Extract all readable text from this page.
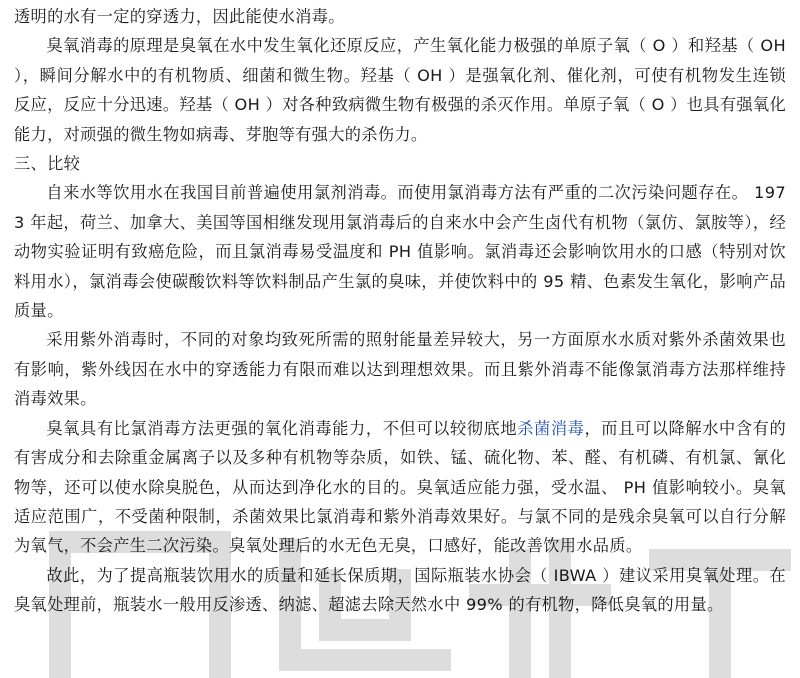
透明的水有一定的穿透力，因此能使水消毒。

臭氧消毒的原理是臭氧在水中发生氧化还原反应，产生氧化能力极强的单原子氧（ O ）和羟基（ OH ），瞬间分解水中的有机物质、细菌和微生物。羟基（ OH ）是强氧化剂、催化剂，可使有机物发生连锁反应，反应十分迅速。羟基（ OH ）对各种致病微生物有极强的杀灭作用。单原子氧（ O ）也具有强氧化能力，对顽强的微生物如病毒、芽胞等有强大的杀伤力。

三、比较

自来水等饮用水在我国目前普遍使用氯剂消毒。而使用氯消毒方法有严重的二次污染问题存在。 1973 年起，荷兰、加拿大、美国等国相继发现用氯消毒后的自来水中会产生卤代有机物（氯仿、氯胺等），经动物实验证明有致癌危险，而且氯消毒易受温度和 PH 值影响。氯消毒还会影响饮用水的口感（特别对饮料用水），氯消毒会使碳酸饮料等饮料制品产生氯的臭味，并使饮料中的 95 精、色素发生氧化，影响产品质量。

采用紫外消毒时，不同的对象均致死所需的照射能量差异较大，另一方面原水水质对紫外杀菌效果也有影响，紫外线因在水中的穿透能力有限而难以达到理想效果。而且紫外消毒不能像氯消毒方法那样维持消毒效果。

臭氧具有比氯消毒方法更强的氧化消毒能力，不但可以较彻底地杀菌消毒，而且可以降解水中含有的有害成分和去除重金属离子以及多种有机物等杂质，如铁、锰、硫化物、苯、醛、有机磷、有机氯、氰化物等，还可以使水除臭脱色，从而达到净化水的目的。臭氧适应能力强，受水温、 PH 值影响较小。臭氧适应范围广，不受菌种限制，杀菌效果比氯消毒和紫外消毒效果好。与氯不同的是残余臭氧可以自行分解为氧气，不会产生二次污染。臭氧处理后的水无色无臭，口感好，能改善饮用水品质。

故此，为了提高瓶装饮用水的质量和延长保质期，国际瓶装水协会（ IBWA ）建议采用臭氧处理。在臭氧处理前，瓶装水一般用反渗透、纳滤、超滤去除天然水中 99% 的有机物，降低臭氧的用量。
